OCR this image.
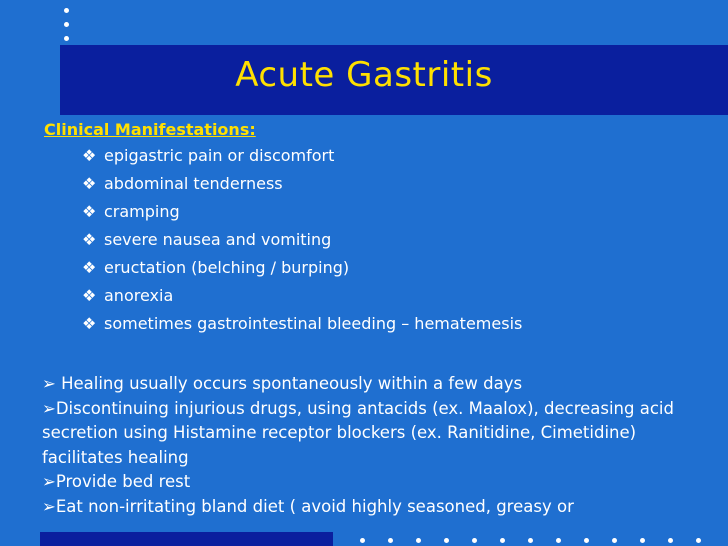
Acute Gastritis
Clinical Manifestations:
❖ epigastric pain or discomfort
❖ abdominal tenderness
❖ cramping
❖ severe nausea and vomiting
❖ eructation (belching / burping)
❖ anorexia
❖ sometimes gastrointestinal bleeding – hematemesis
➢ Healing usually occurs spontaneously within a few days
➢Discontinuing injurious drugs, using antacids (ex. Maalox), decreasing acid secretion using Histamine receptor blockers (ex. Ranitidine, Cimetidine) facilitates healing
➢Provide bed rest
➢Eat non-irritating bland diet ( avoid highly seasoned, greasy or
